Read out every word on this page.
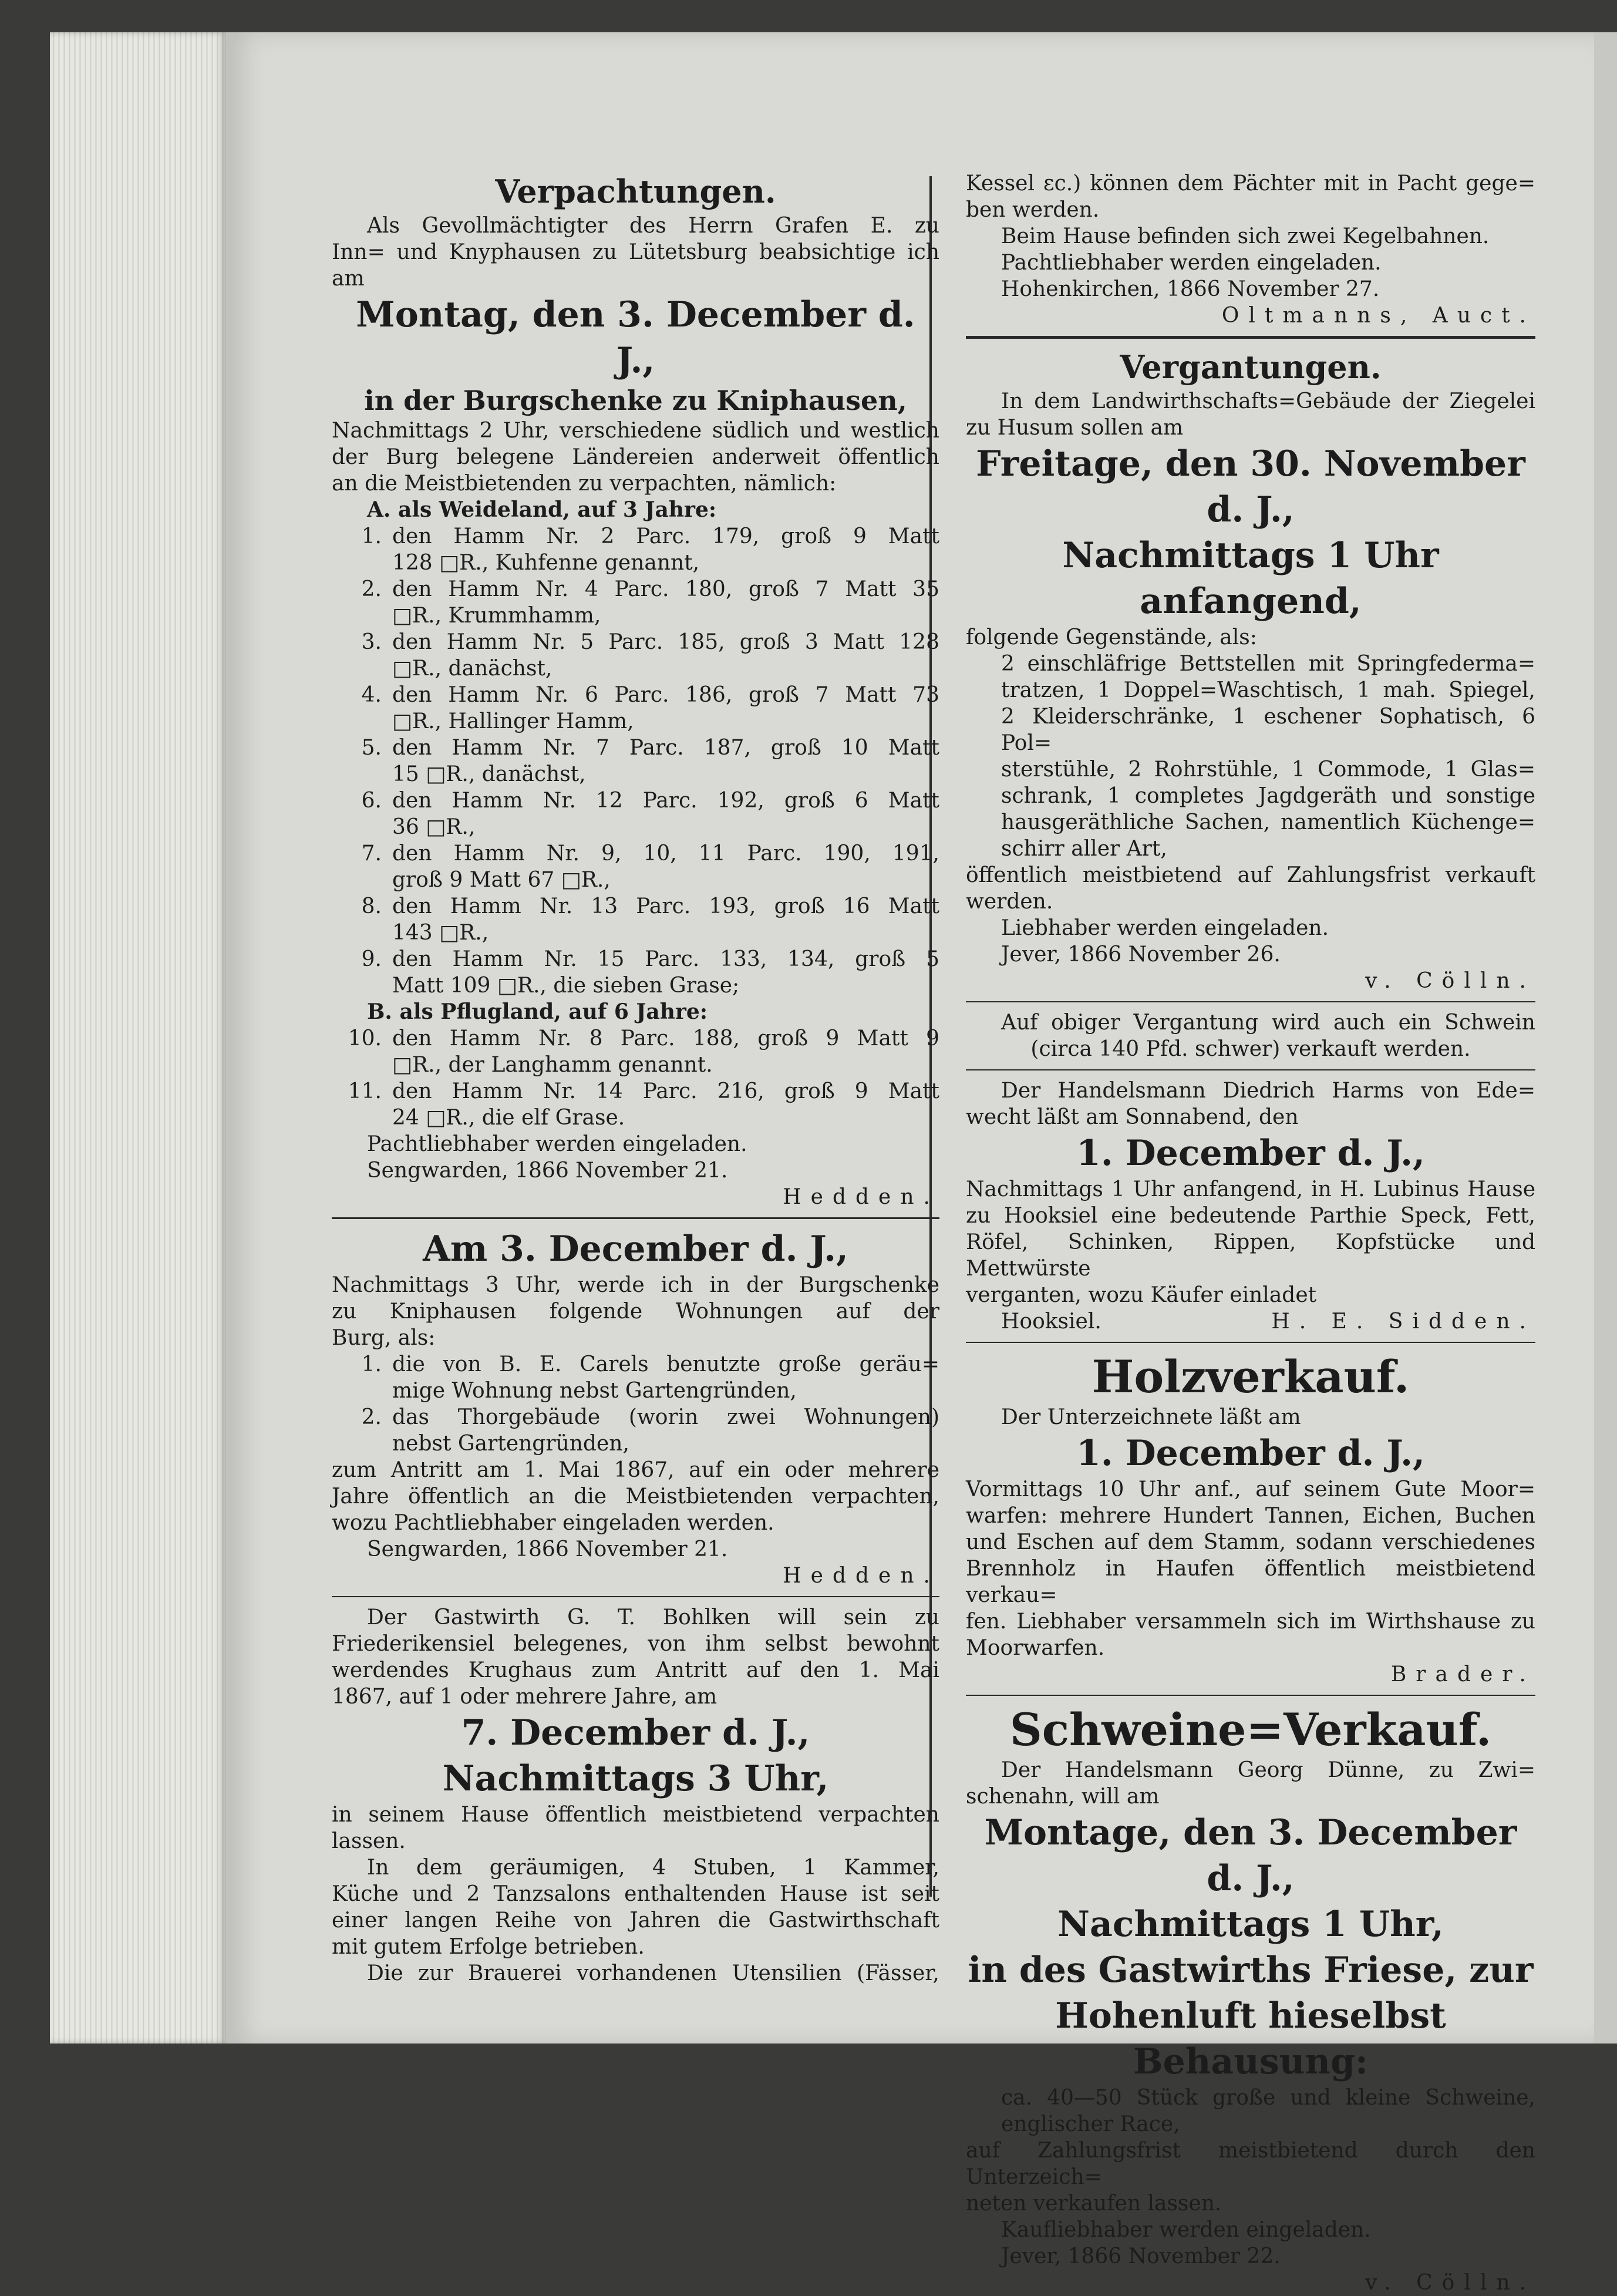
Verpachtungen.

Als Gevollmächtigter des Herrn Grafen E. zu

Inn= und Knyphausen zu Lütetsburg beabsichtige ich

am

Montag, den 3. December d. J.,

in der Burgschenke zu Kniphausen,

Nachmittags 2 Uhr, verschiedene südlich und westlich

der Burg belegene Ländereien anderweit öffentlich

an die Meistbietenden zu verpachten, nämlich:

A. als Weideland, auf 3 Jahre:

1. den Hamm Nr. 2 Parc. 179, groß 9 Matt

128 □R., Kuhfenne genannt,

2. den Hamm Nr. 4 Parc. 180, groß 7 Matt 35

□R., Krummhamm,

3. den Hamm Nr. 5 Parc. 185, groß 3 Matt 128

□R., danächst,

4. den Hamm Nr. 6 Parc. 186, groß 7 Matt 73

□R., Hallinger Hamm,

5. den Hamm Nr. 7 Parc. 187, groß 10 Matt

15 □R., danächst,

6. den Hamm Nr. 12 Parc. 192, groß 6 Matt

36 □R.,

7. den Hamm Nr. 9, 10, 11 Parc. 190, 191,

groß 9 Matt 67 □R.,

8. den Hamm Nr. 13 Parc. 193, groß 16 Matt

143 □R.,

9. den Hamm Nr. 15 Parc. 133, 134, groß 5

Matt 109 □R., die sieben Grase;

B. als Pflugland, auf 6 Jahre:

10. den Hamm Nr. 8 Parc. 188, groß 9 Matt 9

□R., der Langhamm genannt.

11. den Hamm Nr. 14 Parc. 216, groß 9 Matt

24 □R., die elf Grase.

Pachtliebhaber werden eingeladen.

Sengwarden, 1866 November 21.

Hedden.

Am 3. December d. J.,

Nachmittags 3 Uhr, werde ich in der Burgschenke

zu Kniphausen folgende Wohnungen auf der

Burg, als:

1. die von B. E. Carels benutzte große geräu=

mige Wohnung nebst Gartengründen,

2. das Thorgebäude (worin zwei Wohnungen)

nebst Gartengründen,

zum Antritt am 1. Mai 1867, auf ein oder mehrere

Jahre öffentlich an die Meistbietenden verpachten,

wozu Pachtliebhaber eingeladen werden.

Sengwarden, 1866 November 21.

Hedden.

Der Gastwirth G. T. Bohlken will sein zu

Friederikensiel belegenes, von ihm selbst bewohnt

werdendes Krughaus zum Antritt auf den 1. Mai

1867, auf 1 oder mehrere Jahre, am

7. December d. J.,

Nachmittags 3 Uhr,

in seinem Hause öffentlich meistbietend verpachten

lassen.

In dem geräumigen, 4 Stuben, 1 Kammer,

Küche und 2 Tanzsalons enthaltenden Hause ist seit

einer langen Reihe von Jahren die Gastwirthschaft

mit gutem Erfolge betrieben.

Die zur Brauerei vorhandenen Utensilien (Fässer,

Kessel ɛc.) können dem Pächter mit in Pacht gege=

ben werden.

Beim Hause befinden sich zwei Kegelbahnen.

Pachtliebhaber werden eingeladen.

Hohenkirchen, 1866 November 27.

Oltmanns, Auct.

Vergantungen.

In dem Landwirthschafts=Gebäude der Ziegelei

zu Husum sollen am

Freitage, den 30. November d. J.,

Nachmittags 1 Uhr anfangend,

folgende Gegenstände, als:

2 einschläfrige Bettstellen mit Springfederma=

tratzen, 1 Doppel=Waschtisch, 1 mah. Spiegel,

2 Kleiderschränke, 1 eschener Sophatisch, 6 Pol=

sterstühle, 2 Rohrstühle, 1 Commode, 1 Glas=

schrank, 1 completes Jagdgeräth und sonstige

hausgeräthliche Sachen, namentlich Küchenge=

schirr aller Art,

öffentlich meistbietend auf Zahlungsfrist verkauft

werden.

Liebhaber werden eingeladen.

Jever, 1866 November 26.

v. Cölln.

Auf obiger Vergantung wird auch ein Schwein

(circa 140 Pfd. schwer) verkauft werden.

Der Handelsmann Diedrich Harms von Ede=

wecht läßt am Sonnabend, den

1. December d. J.,

Nachmittags 1 Uhr anfangend, in H. Lubinus Hause

zu Hooksiel eine bedeutende Parthie Speck, Fett,

Röfel, Schinken, Rippen, Kopfstücke und Mettwürste

verganten, wozu Käufer einladet

Hooksiel.	H. E. Sidden.

Holzverkauf.

Der Unterzeichnete läßt am

1. December d. J.,

Vormittags 10 Uhr anf., auf seinem Gute Moor=

warfen: mehrere Hundert Tannen, Eichen, Buchen

und Eschen auf dem Stamm, sodann verschiedenes

Brennholz in Haufen öffentlich meistbietend verkau=

fen. Liebhaber versammeln sich im Wirthshause zu

Moorwarfen.

Brader.

Schweine=Verkauf.

Der Handelsmann Georg Dünne, zu Zwi=

schenahn, will am

Montage, den 3. December d. J.,

Nachmittags 1 Uhr,

in des Gastwirths Friese, zur

Hohenluft hieselbst Behausung:

ca. 40—50 Stück große und kleine Schweine,

englischer Race,

auf Zahlungsfrist meistbietend durch den Unterzeich=

neten verkaufen lassen.

Kaufliebhaber werden eingeladen.

Jever, 1866 November 22.

v. Cölln.
